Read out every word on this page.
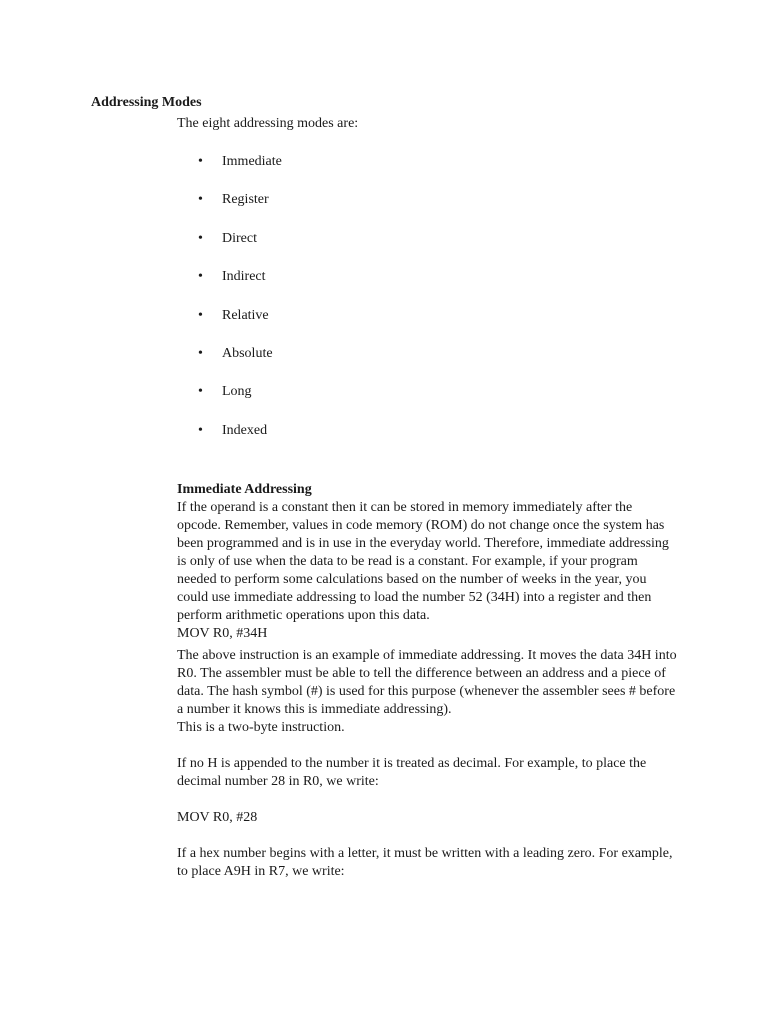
Addressing Modes
The eight addressing modes are:
•	Immediate
•	Register
•	Direct
•	Indirect
•	Relative
•	Absolute
•	Long
•	Indexed

Immediate Addressing

If the operand is a constant then it can be stored in memory immediately after the opcode. Remember, values in code memory (ROM) do not change once the system has been programmed and is in use in the everyday world. Therefore, immediate addressing is only of use when the data to be read is a constant. For example, if your program needed to perform some calculations based on the number of weeks in the year, you could use immediate addressing to load the number 52 (34H) into a register and then perform arithmetic operations upon this data.

MOV R0, #34H

The above instruction is an example of immediate addressing. It moves the data 34H into R0. The assembler must be able to tell the difference between an address and a piece of data. The hash symbol (#) is used for this purpose (whenever the assembler sees # before a number it knows this is immediate addressing).

This is a two-byte instruction.

If no H is appended to the number it is treated as decimal. For example, to place the decimal number 28 in R0, we write:

MOV R0, #28

If a hex number begins with a letter, it must be written with a leading zero. For example, to place A9H in R7, we write:
